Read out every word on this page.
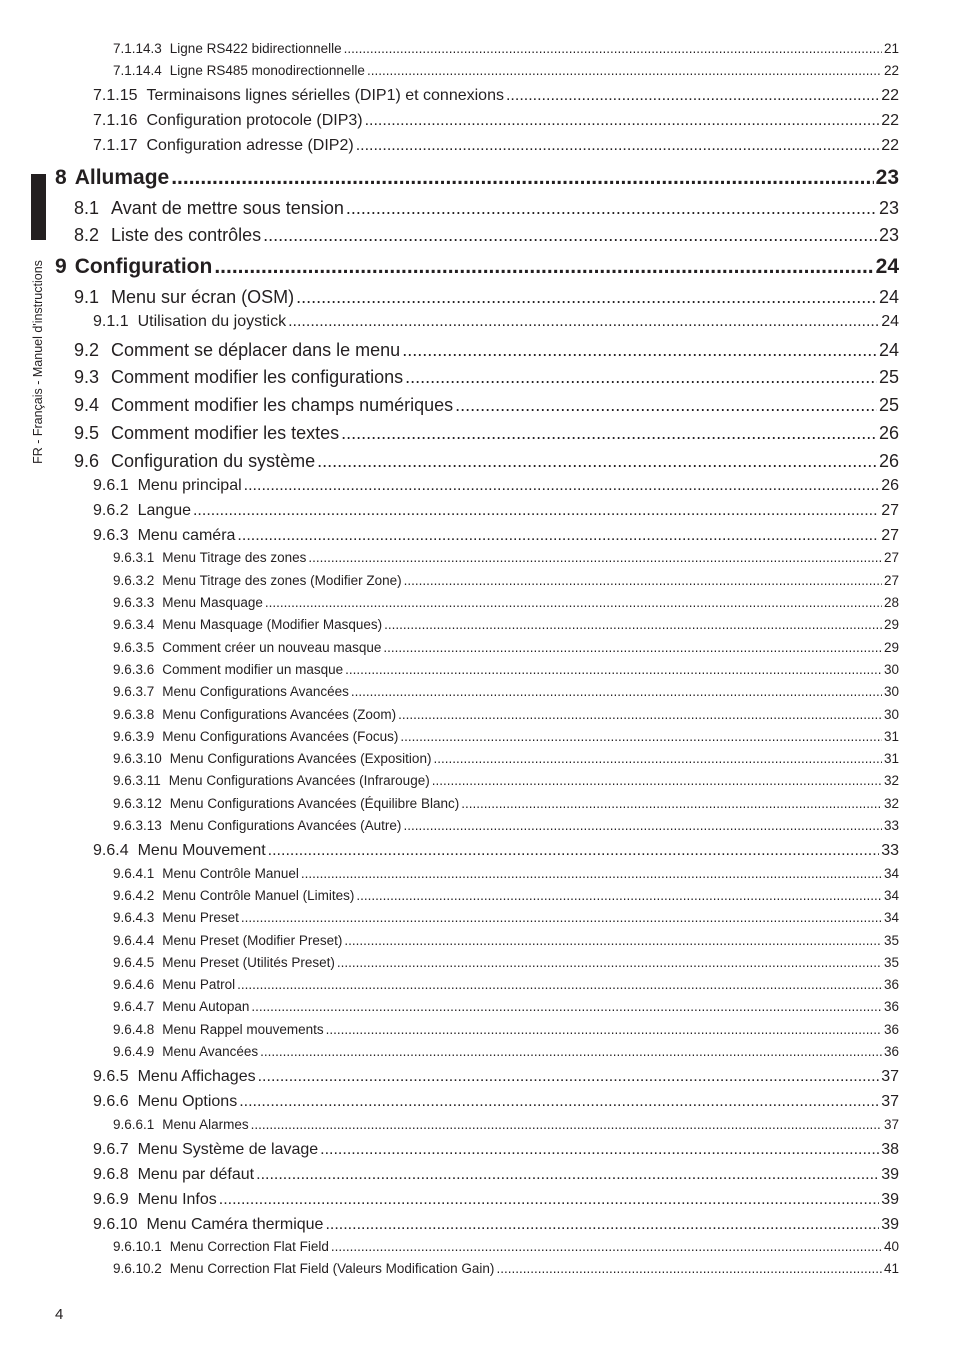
FR - Français - Manuel d'instructions
7.1.14.3 Ligne RS422 bidirectionnelle .....	21
7.1.14.4 Ligne RS485 monodirectionnelle .....	22
7.1.15 Terminaisons lignes sérielles (DIP1) et connexions .....	22
7.1.16 Configuration protocole (DIP3) .....	22
7.1.17 Configuration adresse (DIP2) .....	22
8 Allumage .....	23
8.1 Avant de mettre sous tension .....	23
8.2 Liste des contrôles .....	23
9 Configuration .....	24
9.1 Menu sur écran (OSM) .....	24
9.1.1 Utilisation du joystick .....	24
9.2 Comment se déplacer dans le menu .....	24
9.3 Comment modifier les configurations .....	25
9.4 Comment modifier les champs numériques .....	25
9.5 Comment modifier les textes .....	26
9.6 Configuration du système .....	26
9.6.1 Menu principal .....	26
9.6.2 Langue .....	27
9.6.3 Menu caméra .....	27
9.6.3.1 Menu Titrage des zones .....	27
9.6.3.2 Menu Titrage des zones (Modifier Zone) .....	27
9.6.3.3 Menu Masquage .....	28
9.6.3.4 Menu Masquage (Modifier Masques) .....	29
9.6.3.5 Comment créer un nouveau masque .....	29
9.6.3.6 Comment modifier un masque .....	30
9.6.3.7 Menu Configurations Avancées .....	30
9.6.3.8 Menu Configurations Avancées (Zoom) .....	30
9.6.3.9 Menu Configurations Avancées (Focus) .....	31
9.6.3.10 Menu Configurations Avancées (Exposition) .....	31
9.6.3.11 Menu Configurations Avancées (Infrarouge) .....	32
9.6.3.12 Menu Configurations Avancées (Équilibre Blanc) .....	32
9.6.3.13 Menu Configurations Avancées (Autre) .....	33
9.6.4 Menu Mouvement .....	33
9.6.4.1 Menu Contrôle Manuel .....	34
9.6.4.2 Menu Contrôle Manuel (Limites) .....	34
9.6.4.3 Menu Preset .....	34
9.6.4.4 Menu Preset (Modifier Preset) .....	35
9.6.4.5 Menu Preset (Utilités Preset) .....	35
9.6.4.6 Menu Patrol .....	36
9.6.4.7 Menu Autopan .....	36
9.6.4.8 Menu Rappel mouvements .....	36
9.6.4.9 Menu Avancées .....	36
9.6.5 Menu Affichages .....	37
9.6.6 Menu Options .....	37
9.6.6.1 Menu Alarmes .....	37
9.6.7 Menu Système de lavage .....	38
9.6.8 Menu par défaut .....	39
9.6.9 Menu Infos .....	39
9.6.10 Menu Caméra thermique .....	39
9.6.10.1 Menu Correction Flat Field .....	40
9.6.10.2 Menu Correction Flat Field (Valeurs Modification Gain) .....	41
4
